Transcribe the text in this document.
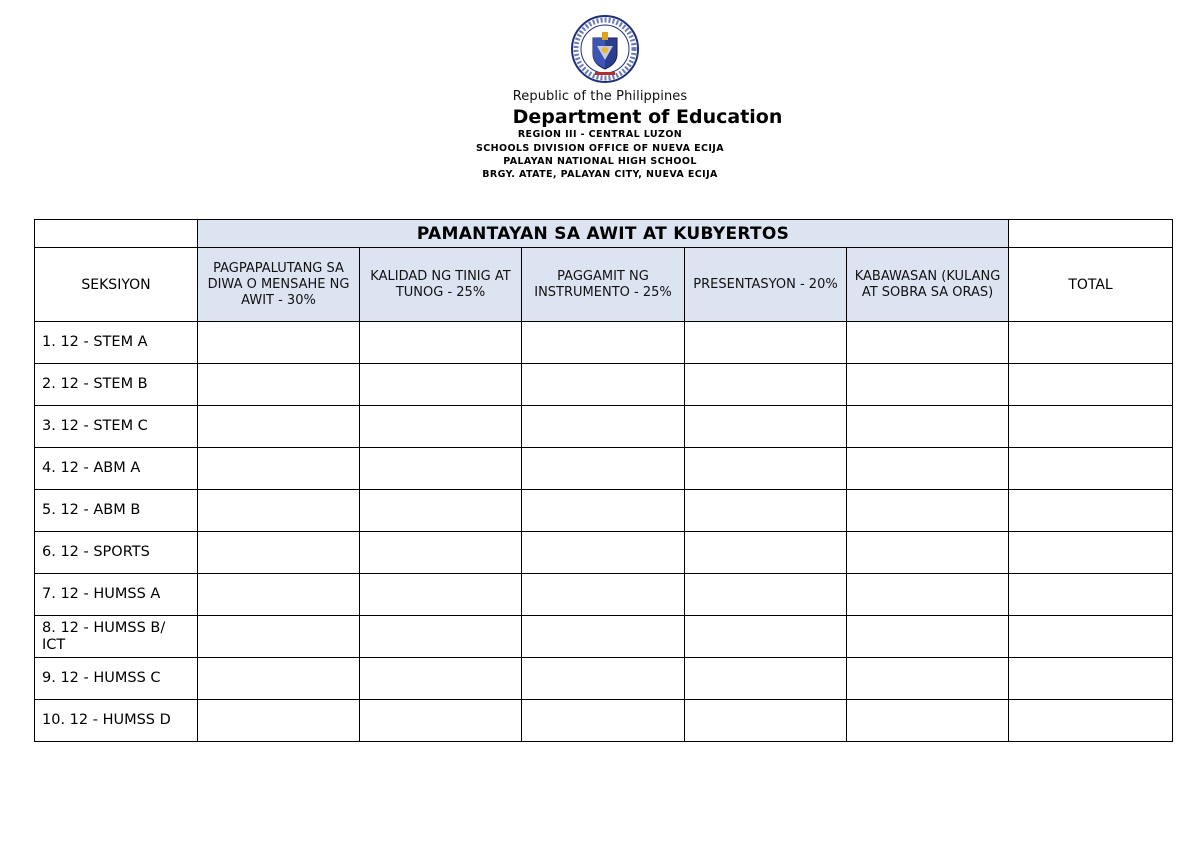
Republic of the Philippines
Department of Education
REGION III - CENTRAL LUZON
SCHOOLS DIVISION OFFICE OF NUEVA ECIJA
PALAYAN NATIONAL HIGH SCHOOL
BRGY. ATATE, PALAYAN CITY, NUEVA ECIJA
	PAMANTAYAN SA AWIT AT KUBYERTOS					
SEKSIYON	PAGPAPALUTANG SA DIWA O MENSAHE NG AWIT - 30%	KALIDAD NG TINIG AT TUNOG - 25%	PAGGAMIT NG INSTRUMENTO - 25%	PRESENTASYON - 20%	KABAWASAN (KULANG AT SOBRA SA ORAS)	TOTAL
1. 12 - STEM A						
2. 12 - STEM B						
3. 12 - STEM C						
4. 12 - ABM A						
5. 12 - ABM B						
6. 12 - SPORTS						
7. 12 - HUMSS A						
8. 12 - HUMSS B/ ICT						
9. 12 - HUMSS C						
10. 12 - HUMSS D						
